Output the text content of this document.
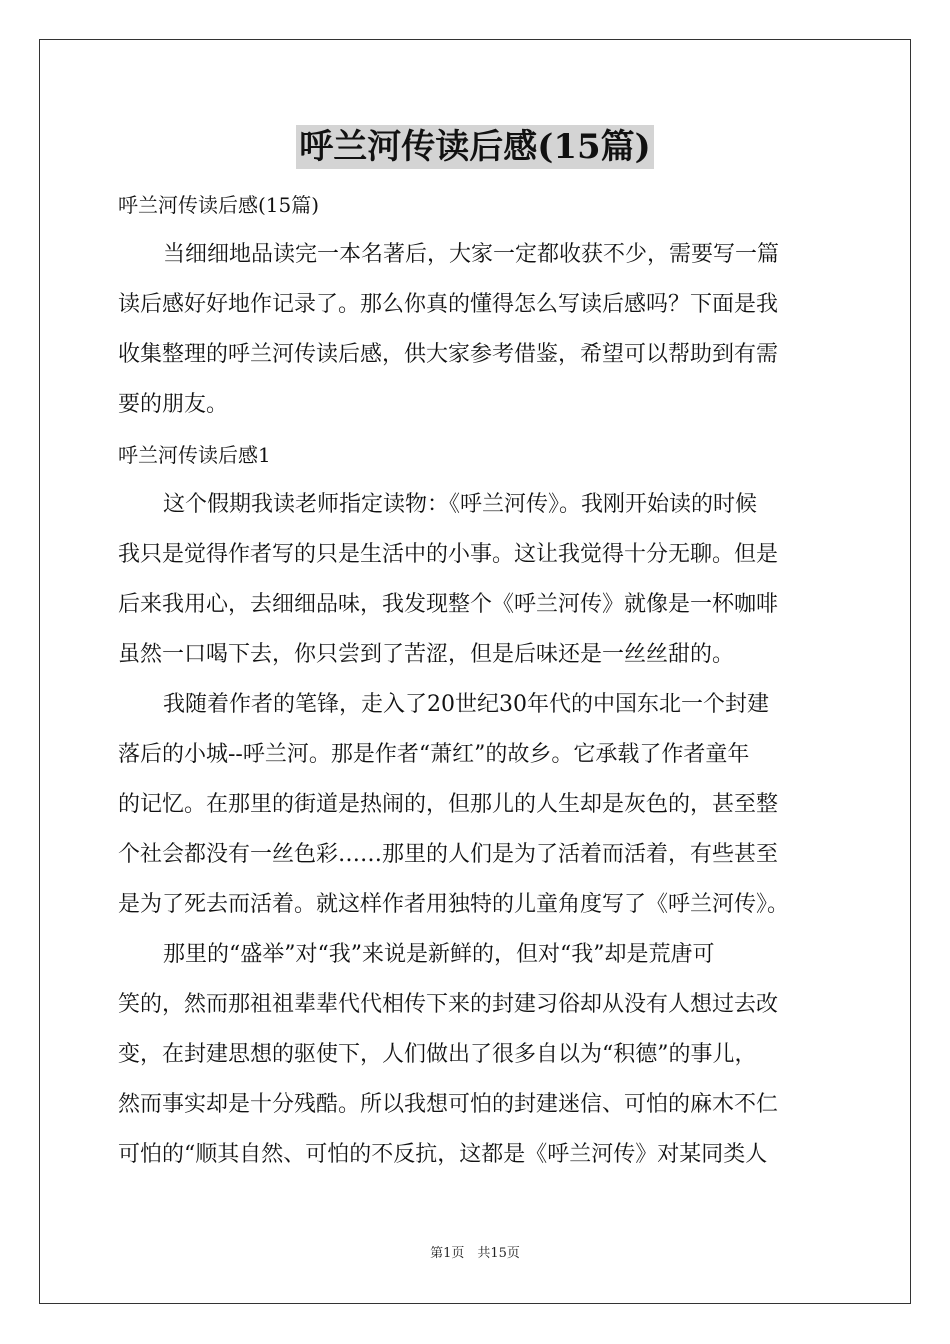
呼兰河传读后感(15篇)
呼兰河传读后感(15篇)
当细细地品读完一本名著后，大家一定都收获不少，需要写一篇
读后感好好地作记录了。那么你真的懂得怎么写读后感吗？下面是我
收集整理的呼兰河传读后感，供大家参考借鉴，希望可以帮助到有需
要的朋友。
呼兰河传读后感1
这个假期我读老师指定读物：《呼兰河传》。我刚开始读的时候
我只是觉得作者写的只是生活中的小事。这让我觉得十分无聊。但是
后来我用心，去细细品味，我发现整个《呼兰河传》就像是一杯咖啡
虽然一口喝下去，你只尝到了苦涩，但是后味还是一丝丝甜的。
我随着作者的笔锋，走入了20世纪30年代的中国东北一个封建
落后的小城--呼兰河。那是作者“萧红”的故乡。它承载了作者童年
的记忆。在那里的街道是热闹的，但那儿的人生却是灰色的，甚至整
个社会都没有一丝色彩……那里的人们是为了活着而活着，有些甚至
是为了死去而活着。就这样作者用独特的儿童角度写了《呼兰河传》。
那里的“盛举”对“我”来说是新鲜的，但对“我”却是荒唐可
笑的，然而那祖祖辈辈代代相传下来的封建习俗却从没有人想过去改
变，在封建思想的驱使下，人们做出了很多自以为“积德”的事儿，
然而事实却是十分残酷。所以我想可怕的封建迷信、可怕的麻木不仁
可怕的“顺其自然、可怕的不反抗，这都是《呼兰河传》对某同类人
第1页　共15页
